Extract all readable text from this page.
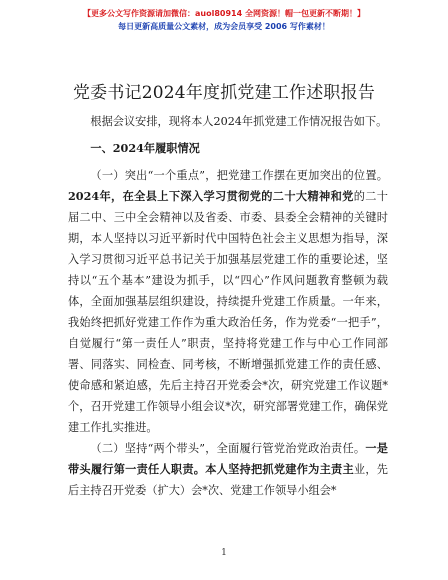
【更多公文写作资源请加微信：auol80914 全网资源！帽一包更新不断期！】
每日更新高质量公文素材，成为会员享受 2006 写作素材！
党委书记2024年度抓党建工作述职报告

根据会议安排，现将本人2024年抓党建工作情况报告如下。

一、2024年履职情况

（一）突出“一个重点”，把党建工作摆在更加突出的位置。2024年，在全县上下深入学习贯彻党的二十大精神和党的二十届二中、三中全会精神以及省委、市委、县委全会精神的关键时期，本人坚持以习近平新时代中国特色社会主义思想为指导，深入学习贯彻习近平总书记关于加强基层党建工作的重要论述，坚持以“五个基本”建设为抓手，以“四心”作风问题教育整顿为载体，全面加强基层组织建设，持续提升党建工作质量。一年来，我始终把抓好党建工作作为重大政治任务，作为党委“一把手”，自觉履行“第一责任人”职责，坚持将党建工作与中心工作同部署、同落实、同检查、同考核，不断增强抓党建工作的责任感、使命感和紧迫感，先后主持召开党委会*次，研究党建工作议题*个，召开党建工作领导小组会议*次，研究部署党建工作，确保党建工作扎实推进。

（二）坚持“两个带头”，全面履行管党治党政治责任。一是带头履行第一责任人职责。本人坚持把抓党建作为主责主业，先后主持召开党委（扩大）会*次、党建工作领导小组会*

1
